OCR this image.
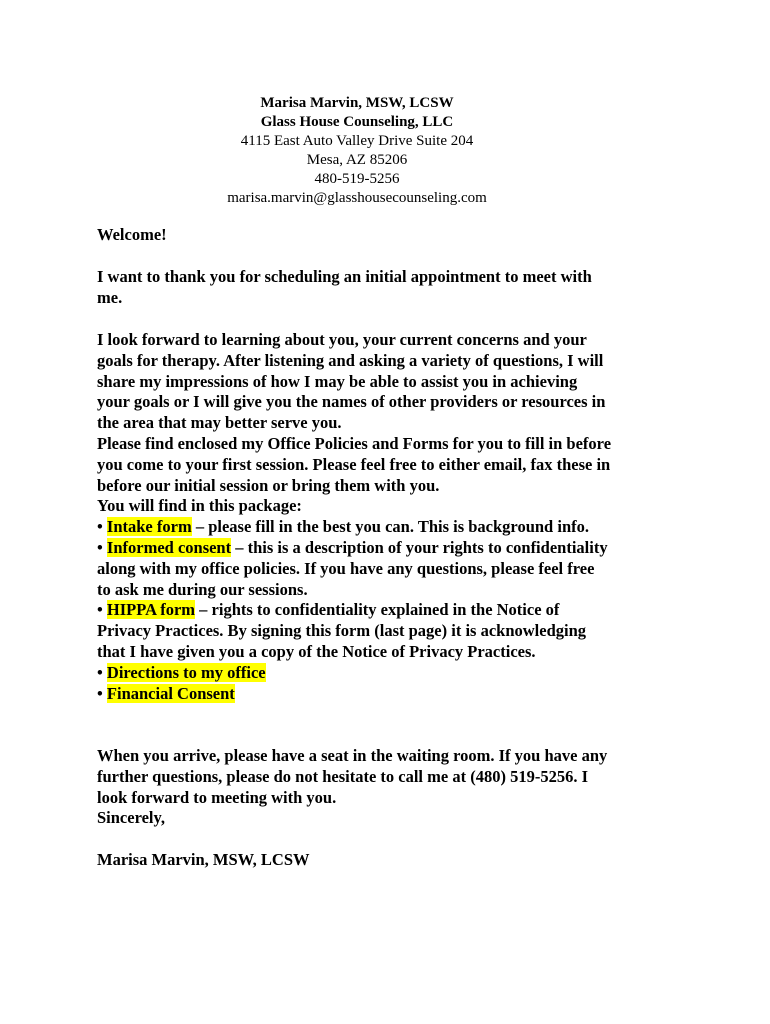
Marisa Marvin, MSW, LCSW
Glass House Counseling, LLC
4115 East Auto Valley Drive Suite 204
Mesa, AZ 85206
480-519-5256
marisa.marvin@glasshousecounseling.com
Welcome!
I want to thank you for scheduling an initial appointment to meet with
me.
I look forward to learning about you, your current concerns and your
goals for therapy. After listening and asking a variety of questions, I will
share my impressions of how I may be able to assist you in achieving
your goals or I will give you the names of other providers or resources in
the area that may better serve you.
Please find enclosed my Office Policies and Forms for you to fill in before
you come to your first session. Please feel free to either email, fax these in
before our initial session or bring them with you.
You will find in this package:
• Intake form – please fill in the best you can. This is background info.
• Informed consent – this is a description of your rights to confidentiality
along with my office policies. If you have any questions, please feel free
to ask me during our sessions.
• HIPPA form – rights to confidentiality explained in the Notice of
Privacy Practices. By signing this form (last page) it is acknowledging
that I have given you a copy of the Notice of Privacy Practices.
• Directions to my office
• Financial Consent
When you arrive, please have a seat in the waiting room. If you have any
further questions, please do not hesitate to call me at (480) 519-5256. I
look forward to meeting with you.
Sincerely,
Marisa Marvin, MSW, LCSW
